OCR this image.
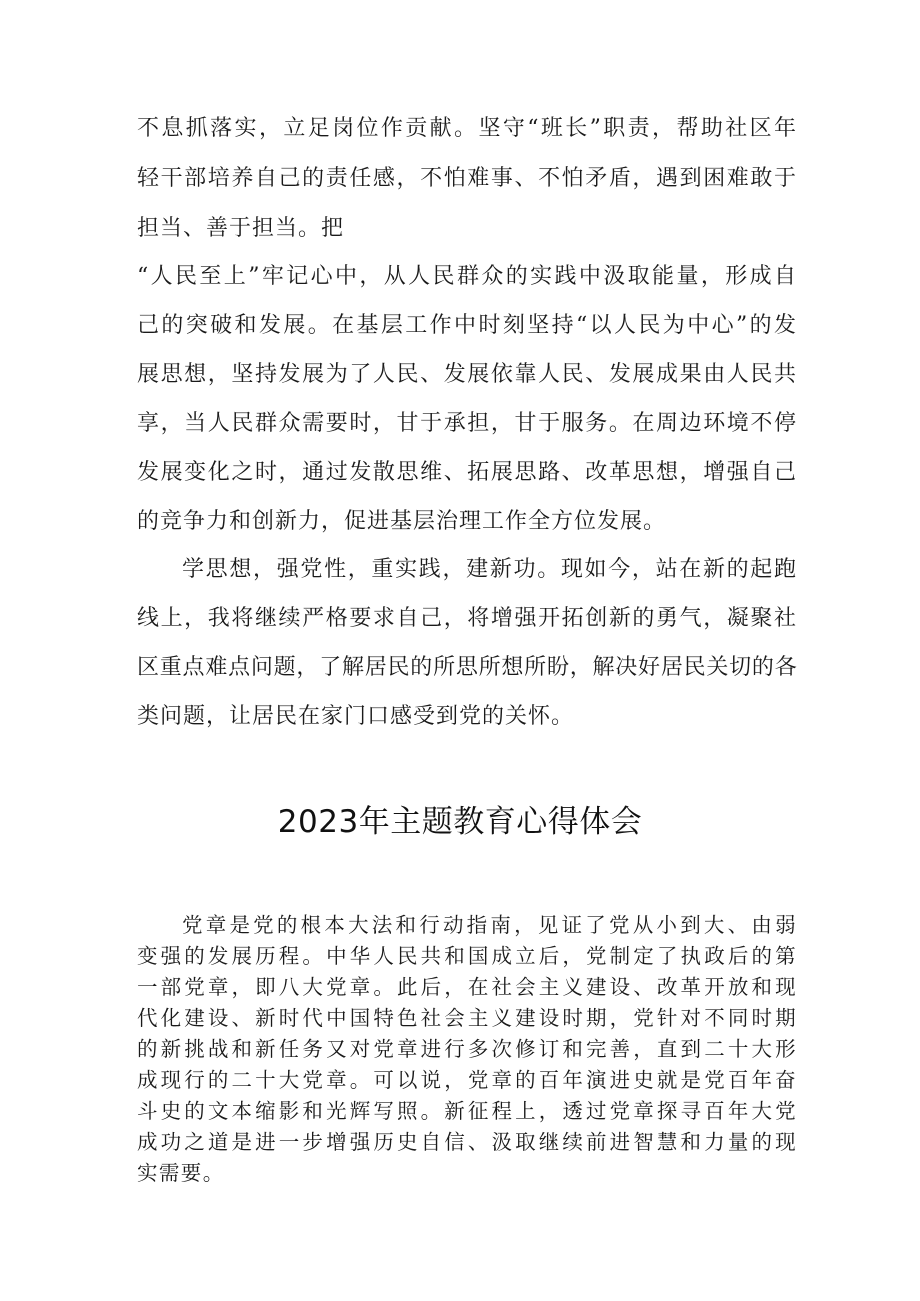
不息抓落实，立足岗位作贡献。坚守“班长”职责，帮助社区年
轻干部培养自己的责任感，不怕难事、不怕矛盾，遇到困难敢于
担当、善于担当。把
“人民至上”牢记心中，从人民群众的实践中汲取能量，形成自
己的突破和发展。在基层工作中时刻坚持“以人民为中心”的发
展思想，坚持发展为了人民、发展依靠人民、发展成果由人民共
享，当人民群众需要时，甘于承担，甘于服务。在周边环境不停
发展变化之时，通过发散思维、拓展思路、改革思想，增强自己
的竞争力和创新力，促进基层治理工作全方位发展。
学思想，强党性，重实践，建新功。现如今，站在新的起跑
线上，我将继续严格要求自己，将增强开拓创新的勇气，凝聚社
区重点难点问题，了解居民的所思所想所盼，解决好居民关切的各
类问题，让居民在家门口感受到党的关怀。
2023年主题教育心得体会
党章是党的根本大法和行动指南，见证了党从小到大、由弱
变强的发展历程。中华人民共和国成立后，党制定了执政后的第
一部党章，即八大党章。此后，在社会主义建设、改革开放和现
代化建设、新时代中国特色社会主义建设时期，党针对不同时期
的新挑战和新任务又对党章进行多次修订和完善，直到二十大形
成现行的二十大党章。可以说，党章的百年演进史就是党百年奋
斗史的文本缩影和光辉写照。新征程上，透过党章探寻百年大党
成功之道是进一步增强历史自信、汲取继续前进智慧和力量的现
实需要。
